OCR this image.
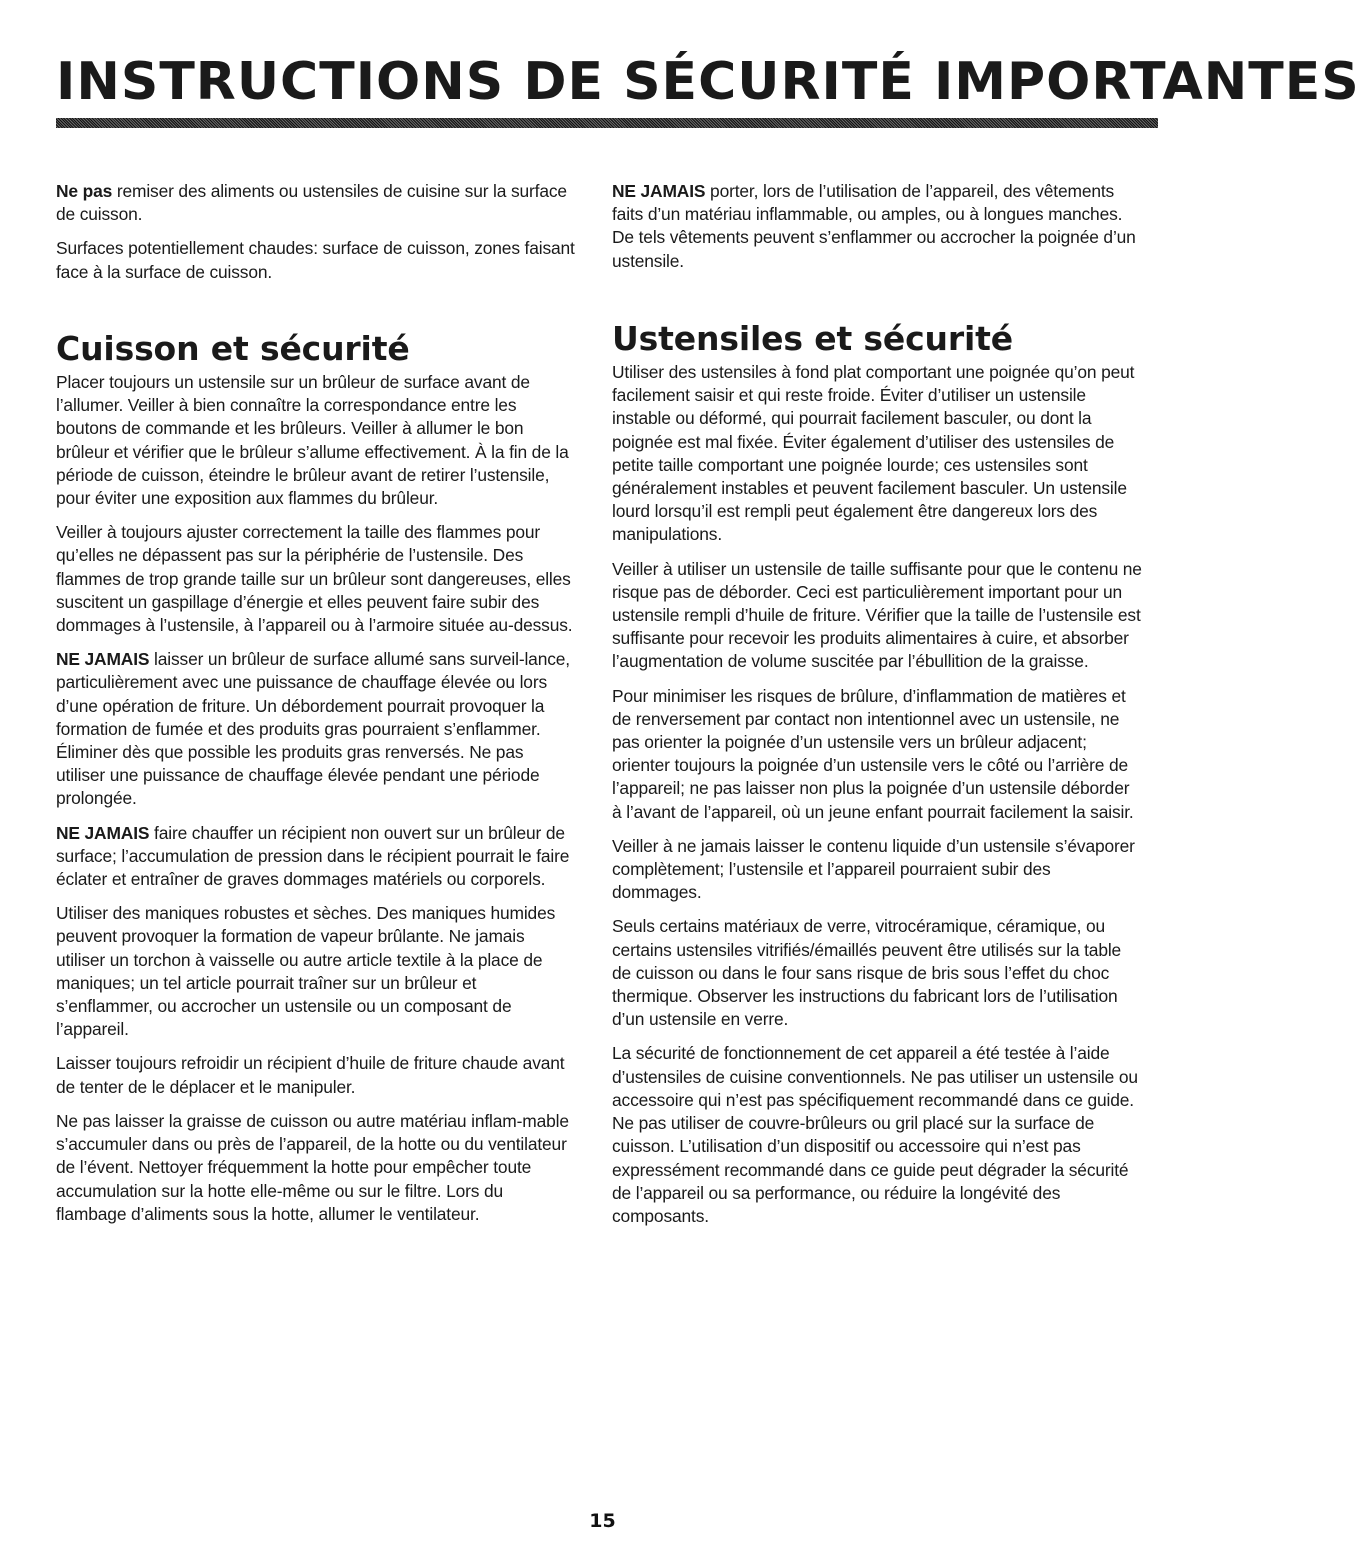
INSTRUCTIONS DE SÉCURITÉ IMPORTANTES

Ne pas remiser des aliments ou ustensiles de cuisine sur la surface de cuisson.

Surfaces potentiellement chaudes: surface de cuisson, zones faisant face à la surface de cuisson.

NE JAMAIS porter, lors de l’utilisation de l’appareil, des vêtements faits d’un matériau inflammable, ou amples, ou à longues manches. De tels vêtements peuvent s’enflammer ou accrocher la poignée d’un ustensile.

Cuisson et sécurité

Placer toujours un ustensile sur un brûleur de surface avant de l’allumer. Veiller à bien connaître la correspondance entre les boutons de commande et les brûleurs. Veiller à allumer le bon brûleur et vérifier que le brûleur s’allume effectivement. À la fin de la période de cuisson, éteindre le brûleur avant de retirer l’ustensile, pour éviter une exposition aux flammes du brûleur.

Veiller à toujours ajuster correctement la taille des flammes pour qu’elles ne dépassent pas sur la périphérie de l’ustensile. Des flammes de trop grande taille sur un brûleur sont dangereuses, elles suscitent un gaspillage d’énergie et elles peuvent faire subir des dommages à l’ustensile, à l’appareil ou à l’armoire située au-dessus.

NE JAMAIS laisser un brûleur de surface allumé sans surveil-lance, particulièrement avec une puissance de chauffage élevée ou lors d’une opération de friture. Un débordement pourrait provoquer la formation de fumée et des produits gras pourraient s’enflammer. Éliminer dès que possible les produits gras renversés. Ne pas utiliser une puissance de chauffage élevée pendant une période prolongée.

NE JAMAIS faire chauffer un récipient non ouvert sur un brûleur de surface; l’accumulation de pression dans le récipient pourrait le faire éclater et entraîner de graves dommages matériels ou corporels.

Utiliser des maniques robustes et sèches. Des maniques humides peuvent provoquer la formation de vapeur brûlante. Ne jamais utiliser un torchon à vaisselle ou autre article textile à la place de maniques; un tel article pourrait traîner sur un brûleur et s’enflammer, ou accrocher un ustensile ou un composant de l’appareil.

Laisser toujours refroidir un récipient d’huile de friture chaude avant de tenter de le déplacer et le manipuler.

Ne pas laisser la graisse de cuisson ou autre matériau inflam-mable s’accumuler dans ou près de l’appareil, de la hotte ou du ventilateur de l’évent. Nettoyer fréquemment la hotte pour empêcher toute accumulation sur la hotte elle-même ou sur le filtre. Lors du flambage d’aliments sous la hotte, allumer le ventilateur.

Ustensiles et sécurité

Utiliser des ustensiles à fond plat comportant une poignée qu’on peut facilement saisir et qui reste froide. Éviter d’utiliser un ustensile instable ou déformé, qui pourrait facilement basculer, ou dont la poignée est mal fixée. Éviter également d’utiliser des ustensiles de petite taille comportant une poignée lourde; ces ustensiles sont généralement instables et peuvent facilement basculer. Un ustensile lourd lorsqu’il est rempli peut également être dangereux lors des manipulations.

Veiller à utiliser un ustensile de taille suffisante pour que le contenu ne risque pas de déborder. Ceci est particulièrement important pour un ustensile rempli d’huile de friture. Vérifier que la taille de l’ustensile est suffisante pour recevoir les produits alimentaires à cuire, et absorber l’augmentation de volume suscitée par l’ébullition de la graisse.

Pour minimiser les risques de brûlure, d’inflammation de matières et de renversement par contact non intentionnel avec un ustensile, ne pas orienter la poignée d’un ustensile vers un brûleur adjacent; orienter toujours la poignée d’un ustensile vers le côté ou l’arrière de l’appareil; ne pas laisser non plus la poignée d’un ustensile déborder à l’avant de l’appareil, où un jeune enfant pourrait facilement la saisir.

Veiller à ne jamais laisser le contenu liquide d’un ustensile s’évaporer complètement; l’ustensile et l’appareil pourraient subir des dommages.

Seuls certains matériaux de verre, vitrocéramique, céramique, ou certains ustensiles vitrifiés/émaillés peuvent être utilisés sur la table de cuisson ou dans le four sans risque de bris sous l’effet du choc thermique. Observer les instructions du fabricant lors de l’utilisation d’un ustensile en verre.

La sécurité de fonctionnement de cet appareil a été testée à l’aide d’ustensiles de cuisine conventionnels. Ne pas utiliser un ustensile ou accessoire qui n’est pas spécifiquement recommandé dans ce guide. Ne pas utiliser de couvre-brûleurs ou gril placé sur la surface de cuisson. L’utilisation d’un dispositif ou accessoire qui n’est pas expressément recommandé dans ce guide peut dégrader la sécurité de l’appareil ou sa performance, ou réduire la longévité des composants.

15
